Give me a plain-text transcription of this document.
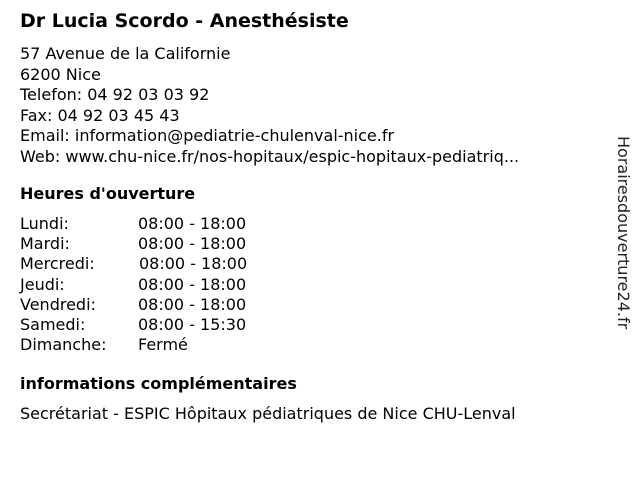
Dr Lucia Scordo - Anesthésiste
57 Avenue de la Californie
6200 Nice
Telefon: 04 92 03 03 92
Fax: 04 92 03 45 43
Email: information@pediatrie-chulenval-nice.fr
Web: www.chu-nice.fr/nos-hopitaux/espic-hopitaux-pediatriq...
Heures d'ouverture
Lundi:	08:00 - 18:00
Mardi:	08:00 - 18:00
Mercredi:	08:00 - 18:00
Jeudi:	08:00 - 18:00
Vendredi:	08:00 - 18:00
Samedi:	08:00 - 15:30
Dimanche: Fermé
informations complémentaires
Secrétariat - ESPIC Hôpitaux pédiatriques de Nice CHU-Lenval
Horairesdouverture24.fr
